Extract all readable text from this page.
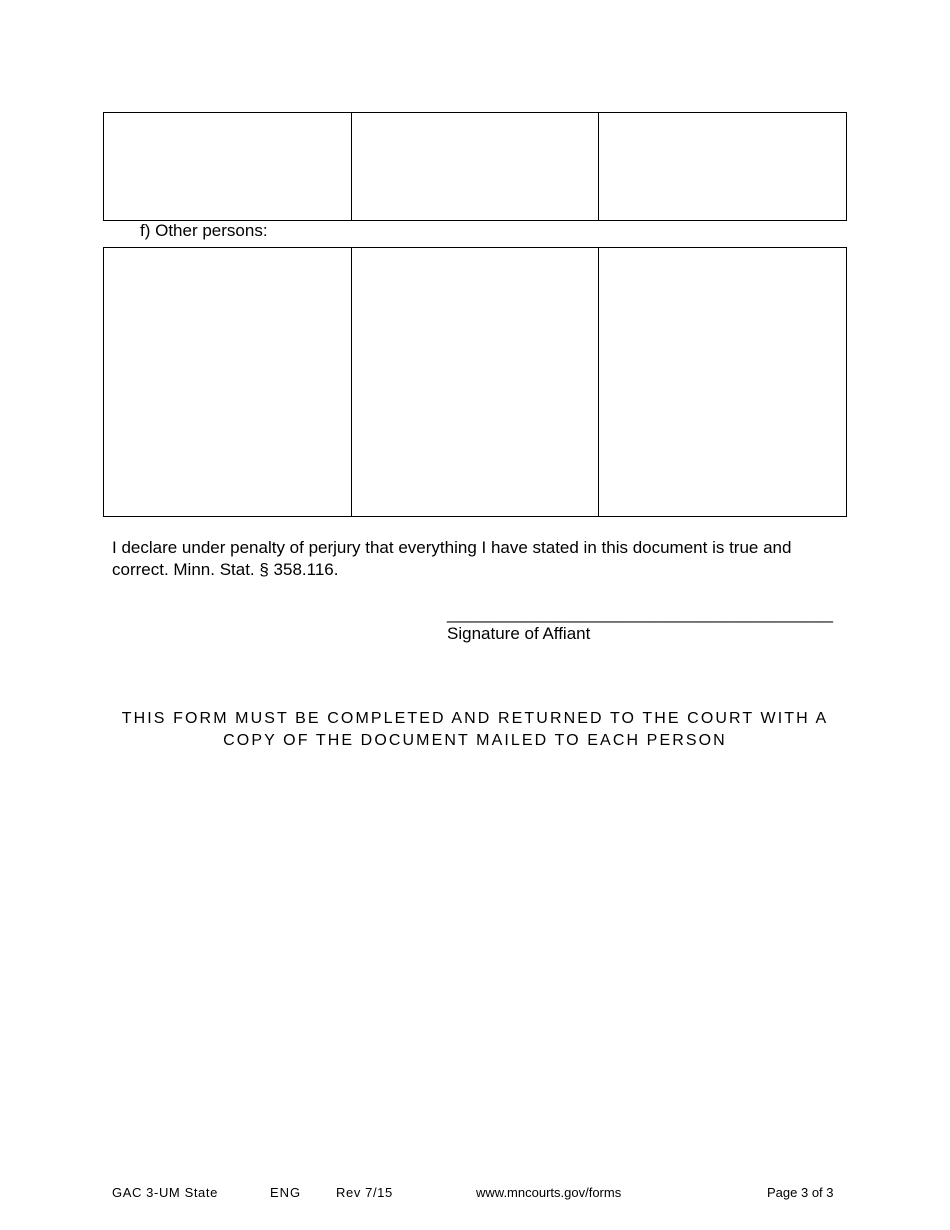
f) Other persons:

I declare under penalty of perjury that everything I have stated in this document is true and correct. Minn. Stat. § 358.116.
________________________________________
Signature of Affiant
THIS FORM MUST BE COMPLETED AND RETURNED TO THE COURT WITH A
COPY OF THE DOCUMENT MAILED TO EACH PERSON
GAC 3-UM State	ENG	Rev 7/15	www.mncourts.gov/forms	Page 3 of 3
